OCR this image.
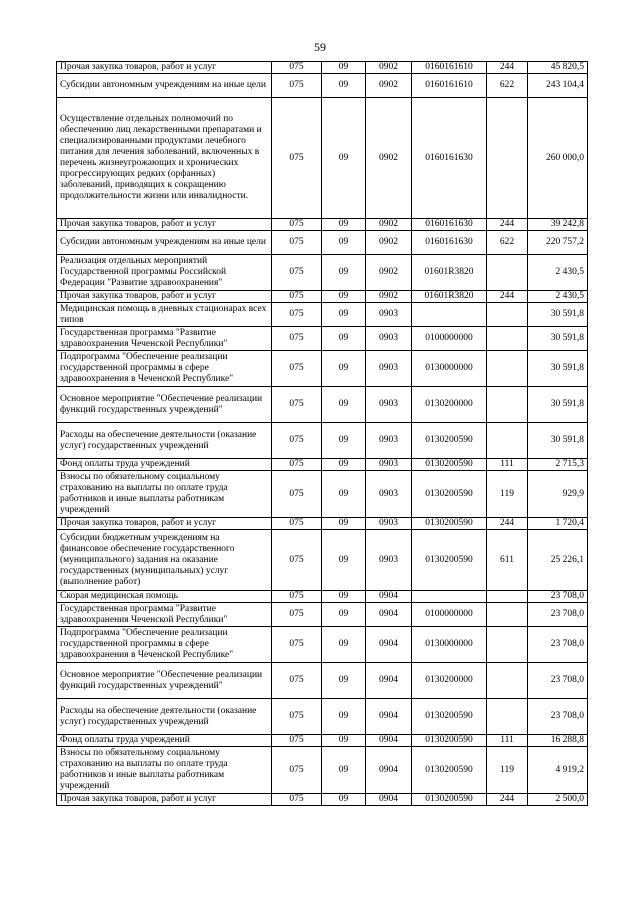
59
Прочая закупка товаров, работ и услуг	075	09	0902	0160161610	244	45 820,5
Субсидии автономным учреждениям на иные цели	075	09	0902	0160161610	622	243 104,4
Осуществление отдельных полномочий по обеспечению лиц лекарственными препаратами и специализированными продуктами лечебного питания для лечения заболеваний, включенных в перечень жизнеугрожающих и хронических прогрессирующих редких (орфанных) заболеваний, приводящих к сокращению продолжительности жизни или инвалидности.	075	09	0902	0160161630		260 000,0
Прочая закупка товаров, работ и услуг	075	09	0902	0160161630	244	39 242,8
Субсидии автономным учреждениям на иные цели	075	09	0902	0160161630	622	220 757,2
Реализация отдельных мероприятий Государственной программы Российской Федерации "Развитие здравоохранения"	075	09	0902	01601R3820		2 430,5
Прочая закупка товаров, работ и услуг	075	09	0902	01601R3820	244	2 430,5
Медицинская помощь в дневных стационарах всех типов	075	09	0903			30 591,8
Государственная программа "Развитие здравоохранения Чеченской Республики"	075	09	0903	0100000000		30 591,8
Подпрограмма "Обеспечение реализации государственной программы в сфере здравоохранения в Чеченской Республике"	075	09	0903	0130000000		30 591,8
Основное мероприятие "Обеспечение реализации функций государственных учреждений"	075	09	0903	0130200000		30 591,8
Расходы на обеспечение деятельности (оказание услуг) государственных учреждений	075	09	0903	0130200590		30 591,8
Фонд оплаты труда учреждений	075	09	0903	0130200590	111	2 715,3
Взносы по обязательному социальному страхованию на выплаты по оплате труда работников и иные выплаты работникам учреждений	075	09	0903	0130200590	119	929,9
Прочая закупка товаров, работ и услуг	075	09	0903	0130200590	244	1 720,4
Субсидии бюджетным учреждениям на финансовое обеспечение государственного (муниципального) задания на оказание государственных (муниципальных) услуг (выполнение работ)	075	09	0903	0130200590	611	25 226,1
Скорая медицинская помощь	075	09	0904			23 708,0
Государственная программа "Развитие здравоохранения Чеченской Республики"	075	09	0904	0100000000		23 708,0
Подпрограмма "Обеспечение реализации государственной программы в сфере здравоохранения в Чеченской Республике"	075	09	0904	0130000000		23 708,0
Основное мероприятие "Обеспечение реализации функций государственных учреждений"	075	09	0904	0130200000		23 708,0
Расходы на обеспечение деятельности (оказание услуг) государственных учреждений	075	09	0904	0130200590		23 708,0
Фонд оплаты труда учреждений	075	09	0904	0130200590	111	16 288,8
Взносы по обязательному социальному страхованию на выплаты по оплате труда работников и иные выплаты работникам учреждений	075	09	0904	0130200590	119	4 919,2
Прочая закупка товаров, работ и услуг	075	09	0904	0130200590	244	2 500,0
